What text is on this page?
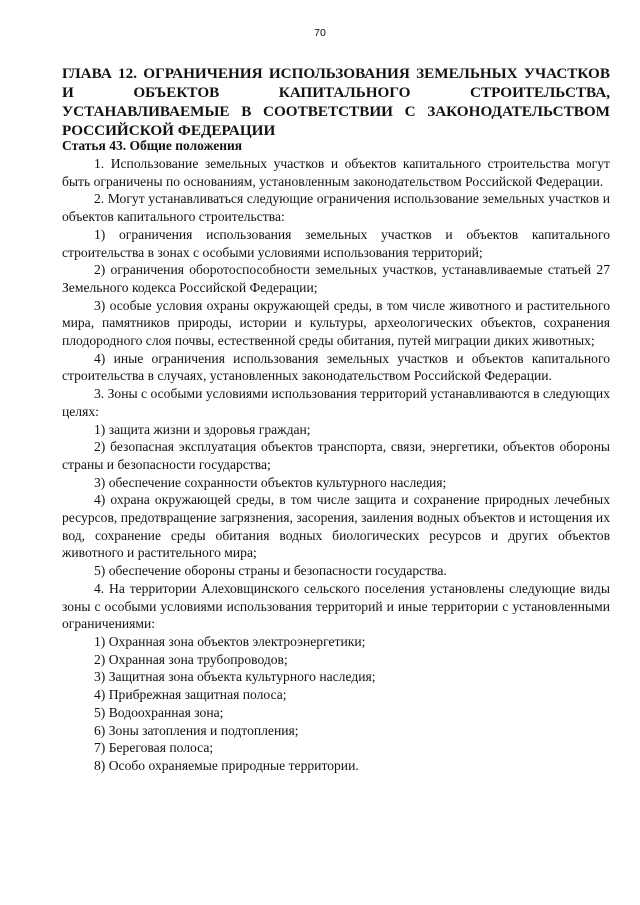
70
ГЛАВА 12. ОГРАНИЧЕНИЯ ИСПОЛЬЗОВАНИЯ ЗЕМЕЛЬНЫХ УЧАСТКОВ И ОБЪЕКТОВ КАПИТАЛЬНОГО СТРОИТЕЛЬСТВА, УСТАНАВЛИВАЕМЫЕ В СООТВЕТСТВИИ С ЗАКОНОДАТЕЛЬСТВОМ РОССИЙСКОЙ ФЕДЕРАЦИИ
Статья 43. Общие положения

1. Использование земельных участков и объектов капитального строительства могут быть ограничены по основаниям, установленным законодательством Российской Федерации.

2. Могут устанавливаться следующие ограничения использование земельных участков и объектов капитального строительства:

1) ограничения использования земельных участков и объектов капитального строительства в зонах с особыми условиями использования территорий;

2) ограничения оборотоспособности земельных участков, устанавливаемые статьей 27 Земельного кодекса Российской Федерации;

3) особые условия охраны окружающей среды, в том числе животного и растительного мира, памятников природы, истории и культуры, археологических объектов, сохранения плодородного слоя почвы, естественной среды обитания, путей миграции диких животных;

4) иные ограничения использования земельных участков и объектов капитального строительства в случаях, установленных законодательством Российской Федерации.

3. Зоны с особыми условиями использования территорий устанавливаются в следующих целях:

1) защита жизни и здоровья граждан;

2) безопасная эксплуатация объектов транспорта, связи, энергетики, объектов обороны страны и безопасности государства;

3) обеспечение сохранности объектов культурного наследия;

4) охрана окружающей среды, в том числе защита и сохранение природных лечебных ресурсов, предотвращение загрязнения, засорения, заиления водных объектов и истощения их вод, сохранение среды обитания водных биологических ресурсов и других объектов животного и растительного мира;

5) обеспечение обороны страны и безопасности государства.

4. На территории Алеховщинского сельского поселения установлены следующие виды зоны с особыми условиями использования территорий и иные территории с установленными ограничениями:

1) Охранная зона объектов электроэнергетики;

2) Охранная зона трубопроводов;

3) Защитная зона объекта культурного наследия;

4) Прибрежная защитная полоса;

5) Водоохранная зона;

6) Зоны затопления и подтопления;

7) Береговая полоса;

8) Особо охраняемые природные территории.
